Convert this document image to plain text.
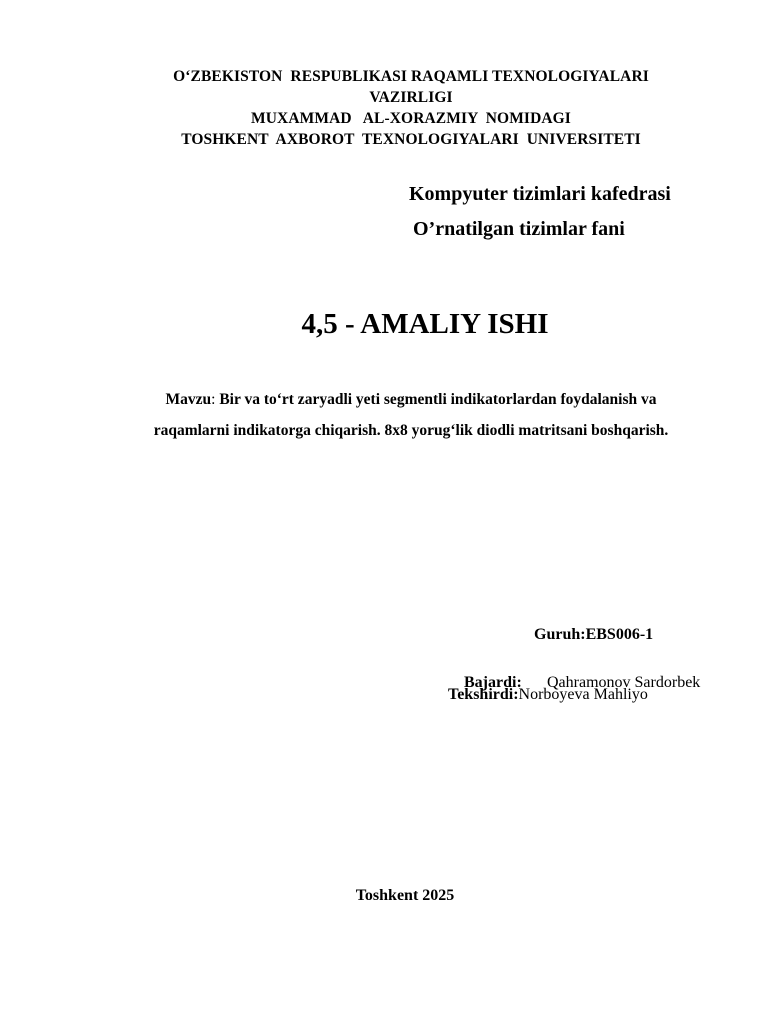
O‘ZBEKISTON  RESPUBLIKASI RAQAMLI TEXNOLOGIYALARI
VAZIRLIGI
MUXAMMAD   AL-XORAZMIY  NOMIDAGI
TOSHKENT  AXBOROT  TEXNOLOGIYALARI  UNIVERSITETI
Kompyuter tizimlari kafedrasi
O’rnatilgan tizimlar fani
4,5 - AMALIY ISHI
Mavzu: Bir va to‘rt zaryadli yeti segmentli indikatorlardan foydalanish va
raqamlarni indikatorga chiqarish. 8x8 yorug‘lik diodli matritsani boshqarish.
Guruh:EBS006-1

Bajardi:
	Qahramonov Sardorbek

Tekshirdi:Norboyeva Mahliyo
Toshkent 2025
